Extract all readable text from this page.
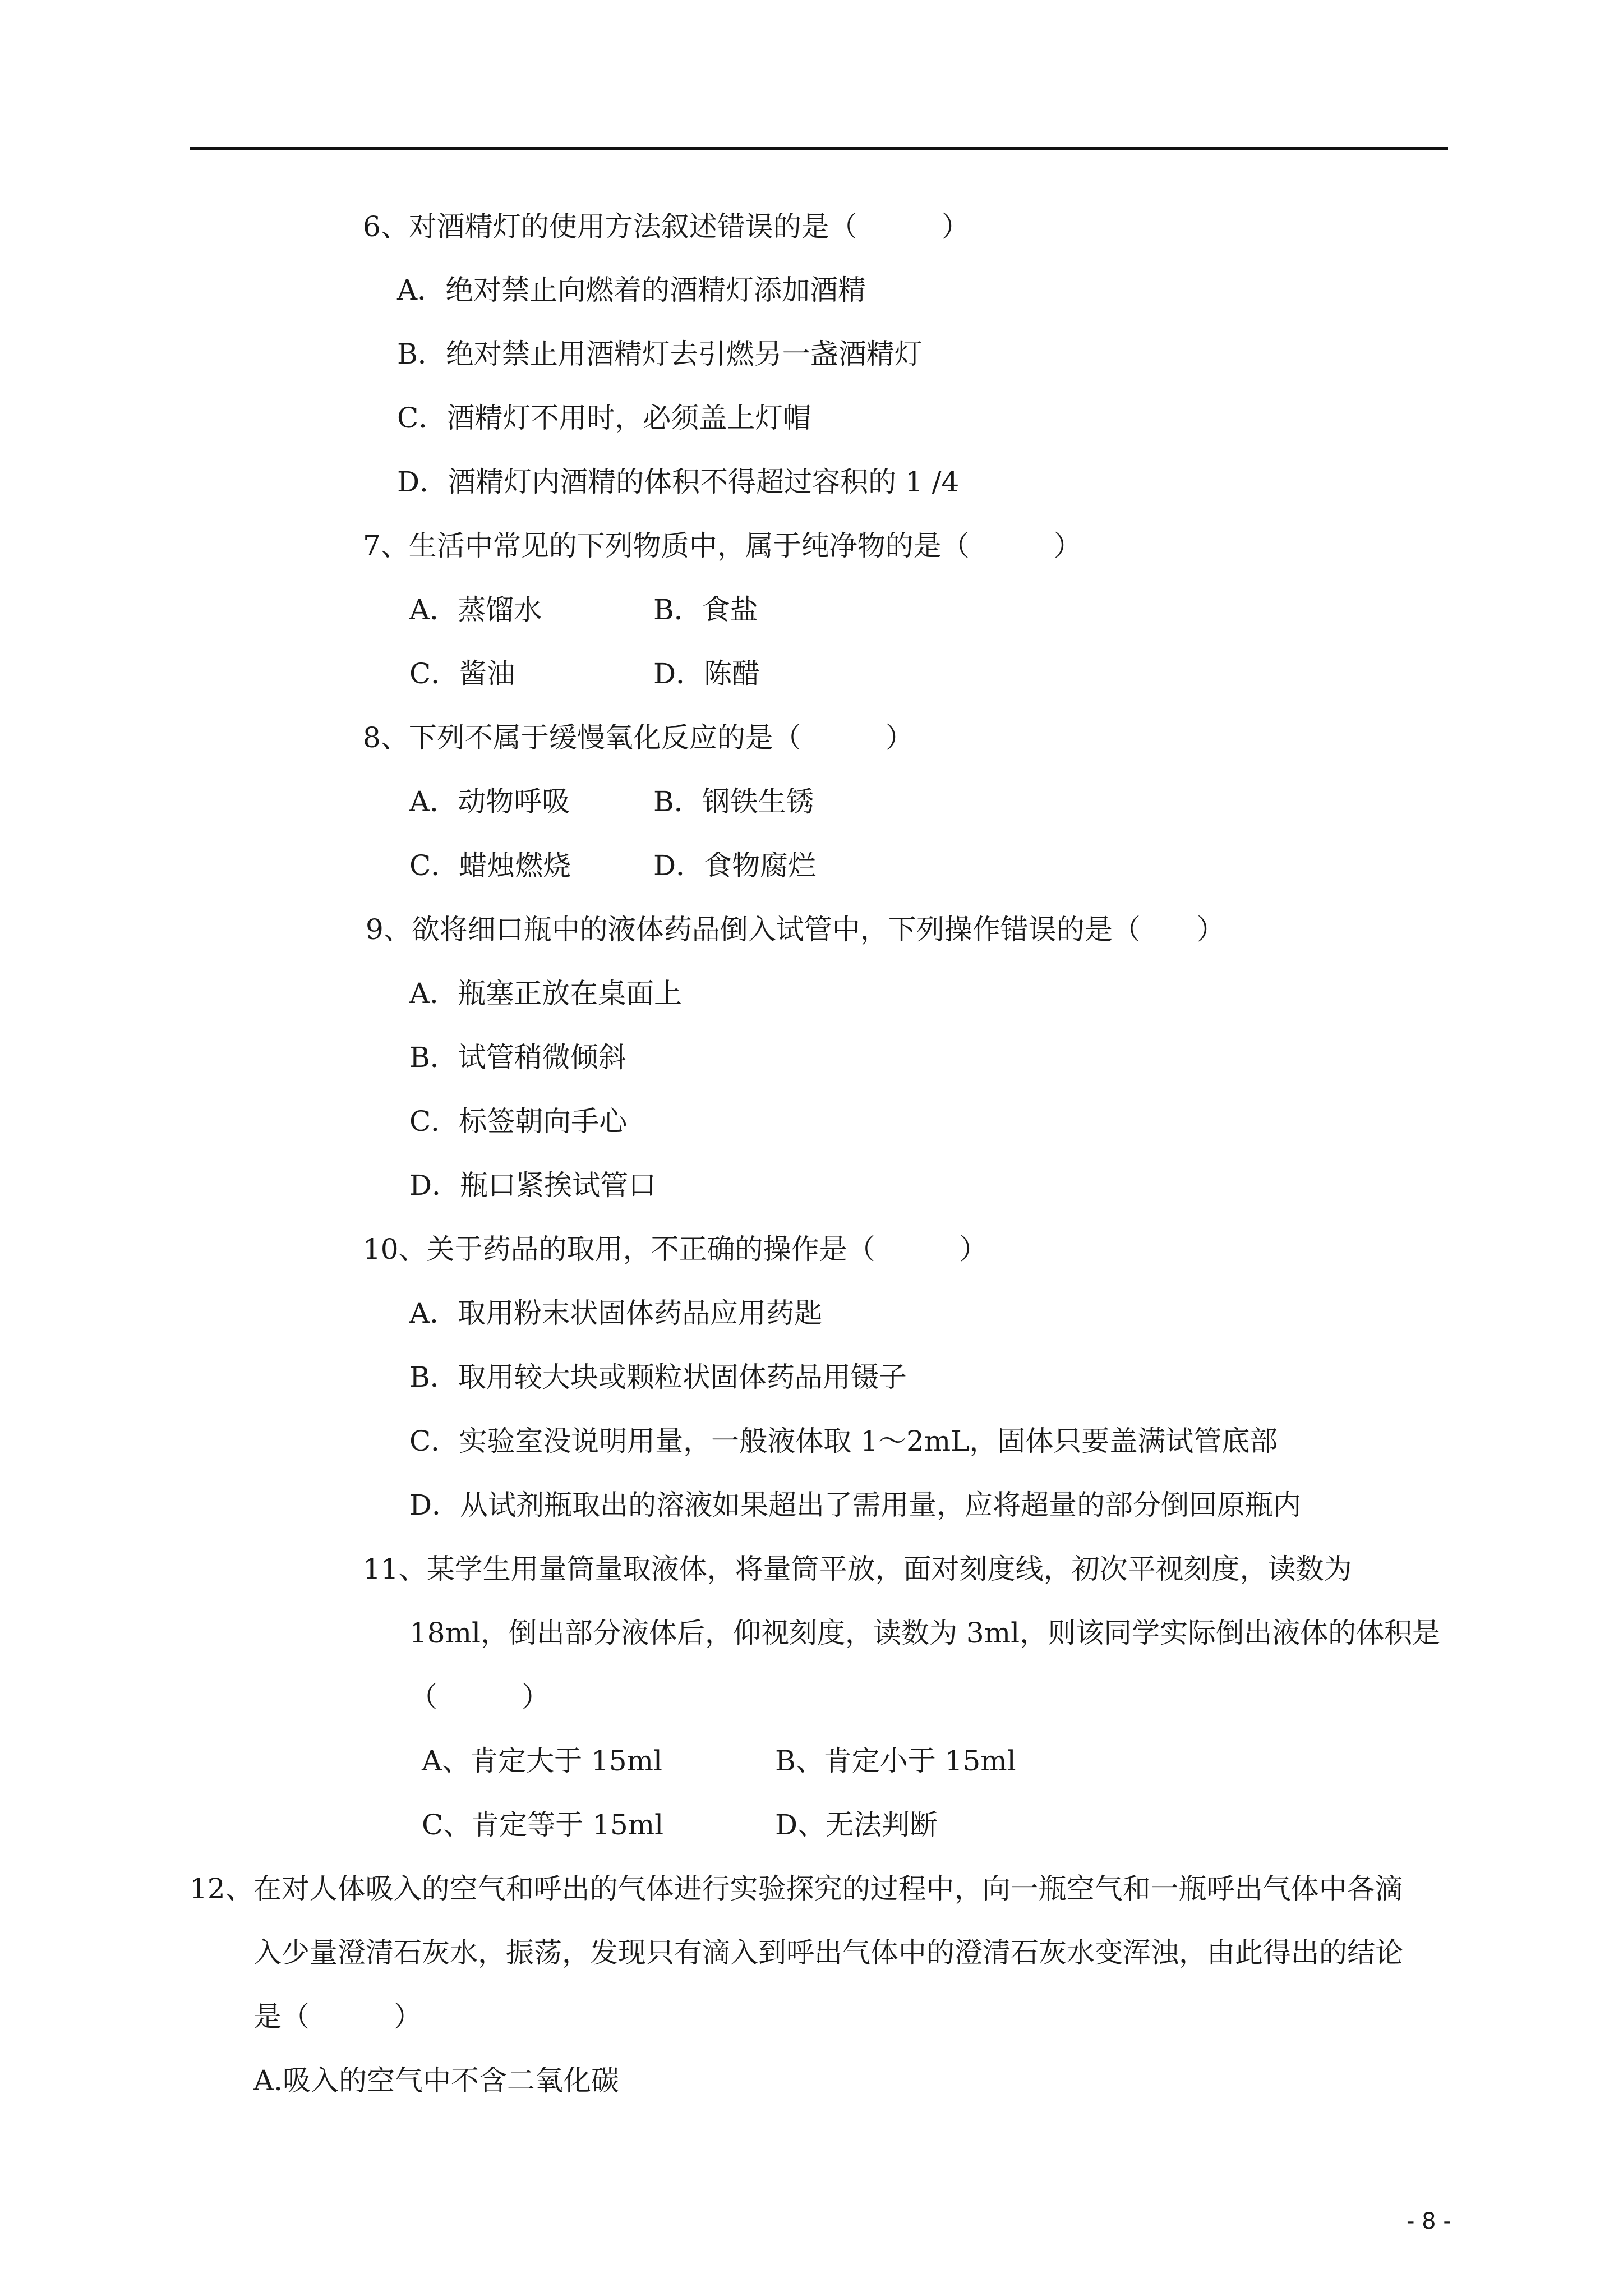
6、对酒精灯的使用方法叙述错误的是（　　　）
A．绝对禁止向燃着的酒精灯添加酒精
B．绝对禁止用酒精灯去引燃另一盏酒精灯
C．酒精灯不用时，必须盖上灯帽
D．酒精灯内酒精的体积不得超过容积的 1 /4
7、生活中常见的下列物质中，属于纯净物的是（　　　）
A．蒸馏水	B．食盐
C．酱油	D．陈醋
8、下列不属于缓慢氧化反应的是（　　　）
A．动物呼吸	B．钢铁生锈
C．蜡烛燃烧	D．食物腐烂
9、欲将细口瓶中的液体药品倒入试管中，下列操作错误的是（　　）
A．瓶塞正放在桌面上
B．试管稍微倾斜
C．标签朝向手心
D．瓶口紧挨试管口
10、关于药品的取用，不正确的操作是（　　　）
A．取用粉末状固体药品应用药匙
B．取用较大块或颗粒状固体药品用镊子
C．实验室没说明用量，一般液体取 1～2mL，固体只要盖满试管底部
D．从试剂瓶取出的溶液如果超出了需用量，应将超量的部分倒回原瓶内
11、某学生用量筒量取液体，将量筒平放，面对刻度线，初次平视刻度，读数为
18ml，倒出部分液体后，仰视刻度，读数为 3ml，则该同学实际倒出液体的体积是
（　　　）
A、肯定大于 15ml	B、肯定小于 15ml
C、肯定等于 15ml	D、无法判断
12、在对人体吸入的空气和呼出的气体进行实验探究的过程中，向一瓶空气和一瓶呼出气体中各滴
入少量澄清石灰水，振荡，发现只有滴入到呼出气体中的澄清石灰水变浑浊，由此得出的结论
是（　　　）
A.吸入的空气中不含二氧化碳
- 8 -
